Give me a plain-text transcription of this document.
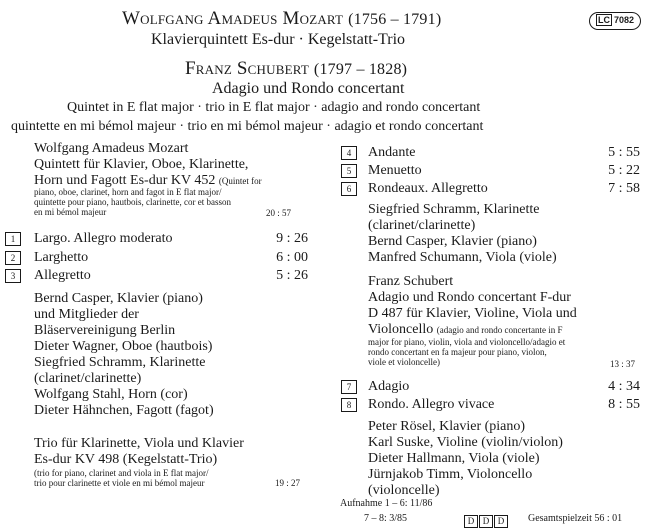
Wolfgang Amadeus Mozart (1756 – 1791)	LC 7082
Klavierquintett Es-dur · Kegelstatt-Trio
Franz Schubert (1797 – 1828)
Adagio und Rondo concertant
Quintet in E flat major · trio in E flat major · adagio and rondo concertant
quintette en mi bémol majeur · trio en mi bémol majeur · adagio et rondo concertant
Wolfgang Amadeus Mozart
Quintett für Klavier, Oboe, Klarinette,
Horn und Fagott Es-dur KV 452 (Quintet for
piano, oboe, clarinet, horn and fagot in E flat major/
quintette pour piano, hautbois, clarinette, cor et basson
en mi bémol majeur	20 : 57
1	Largo. Allegro moderato	9 : 26
2	Larghetto	6 : 00
3	Allegretto	5 : 26
Bernd Casper, Klavier (piano)
und Mitglieder der
Bläservereinigung Berlin
Dieter Wagner, Oboe (hautbois)
Siegfried Schramm, Klarinette
(clarinet/clarinette)
Wolfgang Stahl, Horn (cor)
Dieter Hähnchen, Fagott (fagot)
Trio für Klarinette, Viola und Klavier
Es-dur KV 498 (Kegelstatt-Trio)
(trio for piano, clarinet and viola in E flat major/
trio pour clarinette et viole en mi bémol majeur	19 : 27
4	Andante	5 : 55
5	Menuetto	5 : 22
6	Rondeaux. Allegretto	7 : 58
Siegfried Schramm, Klarinette
(clarinet/clarinette)
Bernd Casper, Klavier (piano)
Manfred Schumann, Viola (viole)
Franz Schubert
Adagio und Rondo concertant F-dur
D 487 für Klavier, Violine, Viola und
Violoncello (adagio and rondo concertante in F
major for piano, violin, viola and violoncello/adagio et
rondo concertant en fa majeur pour piano, violon,
viole et violoncelle)	13 : 37
7	Adagio	4 : 34
8	Rondo. Allegro vivace	8 : 55
Peter Rösel, Klavier (piano)
Karl Suske, Violine (violin/violon)
Dieter Hallmann, Viola (viole)
Jürnjakob Timm, Violoncello
(violoncelle)
Aufnahme 1 – 6: 11/86
7 – 8: 3/85	D D D	Gesamtspielzeit 56 : 01
